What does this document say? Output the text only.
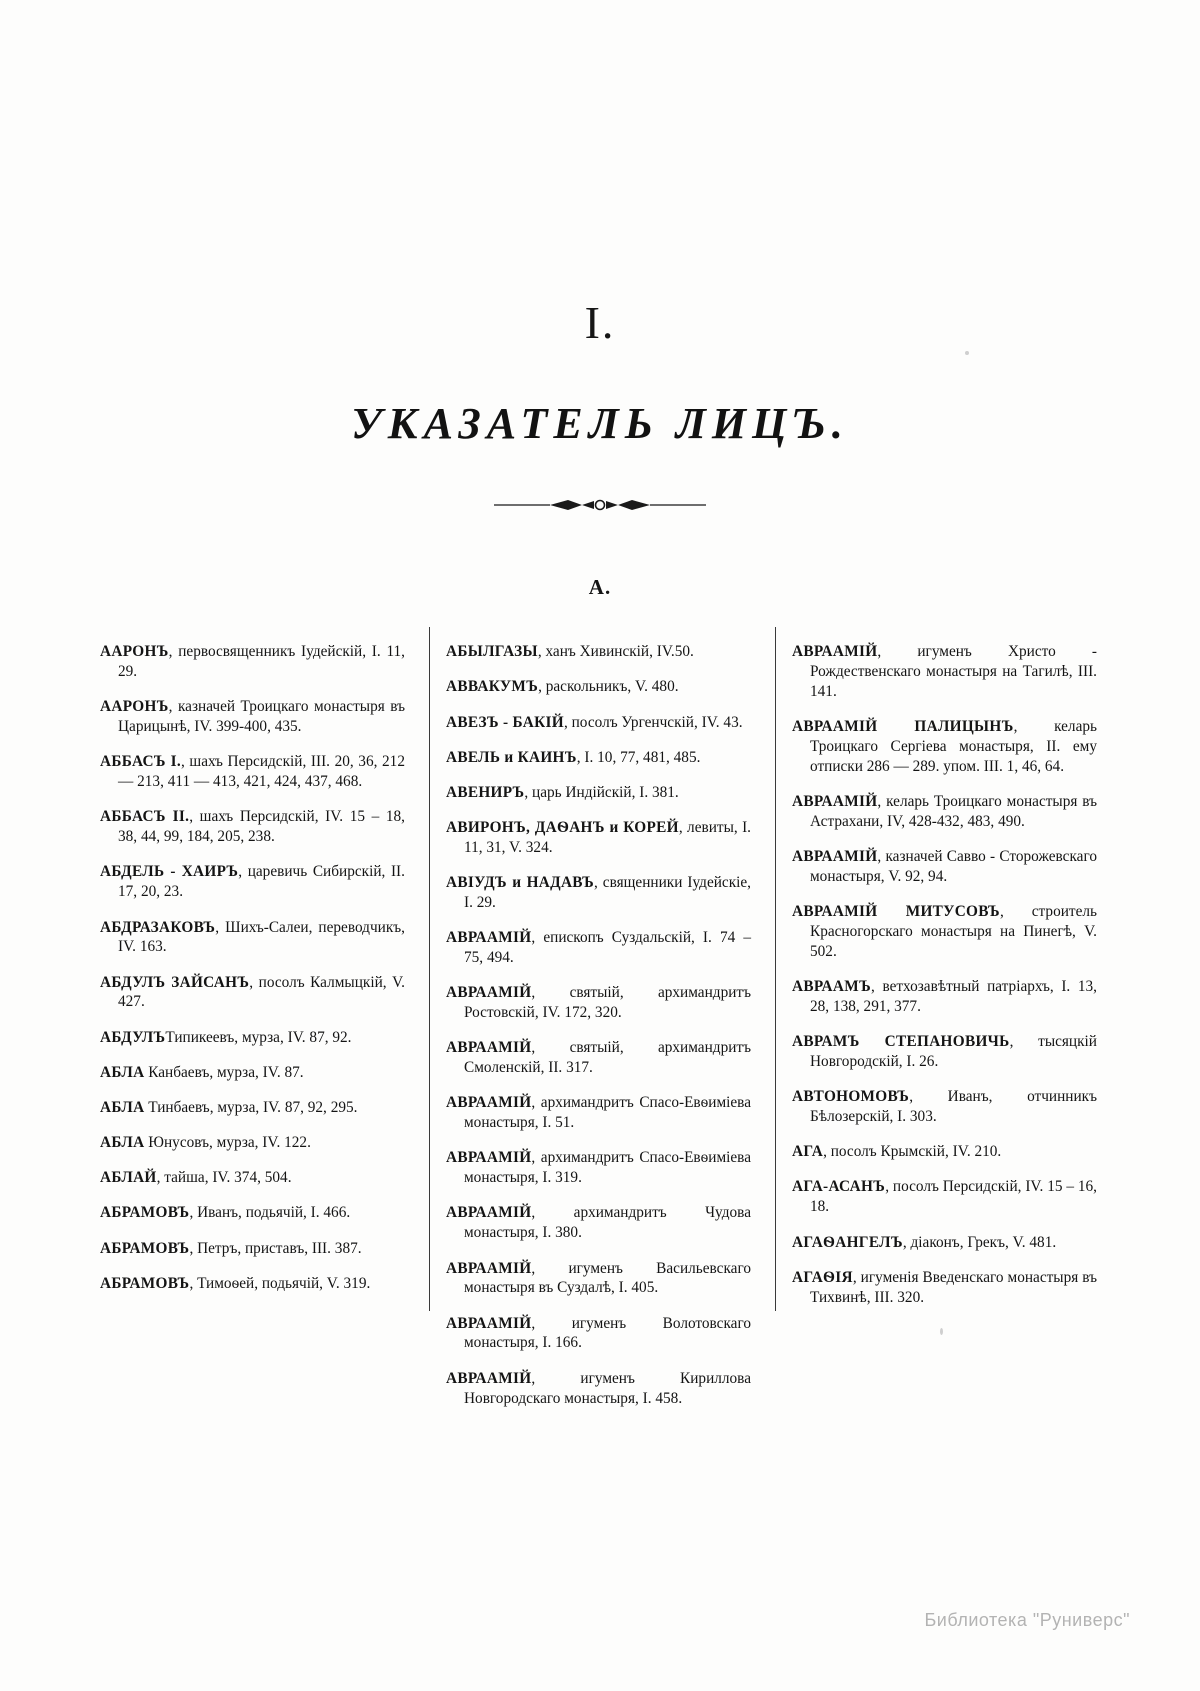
I.
УКАЗАТЕЛЬ ЛИЦЪ.
А.

ААРОНЪ, первосвященникъ Іудейскій, I. 11, 29.

ААРОНЪ, казначей Троицкаго монастыря въ Царицынѣ, IV. 399-400, 435.

АББАСЪ I., шахъ Персидскій, III. 20, 36, 212 — 213, 411 — 413, 421, 424, 437, 468.

АББАСЪ II., шахъ Персидскій, IV. 15 – 18, 38, 44, 99, 184, 205, 238.

АБДЕЛЬ - ХАИРЪ, царевичь Сибирскій, II. 17, 20, 23.

АБДРАЗАКОВЪ, Шихъ-Салеи, переводчикъ, IV. 163.

АБДУЛЪ ЗАЙСАНЪ, посолъ Калмыцкій, V. 427.

АБДУЛЪТипикеевъ, мурза, IV. 87, 92.

АБЛА Канбаевъ, мурза, IV. 87.

АБЛА Тинбаевъ, мурза, IV. 87, 92, 295.

АБЛА Юнусовъ, мурза, IV. 122.

АБЛАЙ, тайша, IV. 374, 504.

АБРАМОВЪ, Иванъ, подьячій, I. 466.

АБРАМОВЪ, Петръ, приставъ, III. 387.

АБРАМОВЪ, Тимоѳей, подьячій, V. 319.

АБЫЛГАЗЫ, ханъ Хивинскій, IV.50.

АВВАКУМЪ, раскольникъ, V. 480.

АВЕЗЪ - БАКІЙ, посолъ Ургенчскій, IV. 43.

АВЕЛЬ и КАИНЪ, I. 10, 77, 481, 485.

АВЕНИРЪ, царь Индійскій, I. 381.

АВИРОНЪ, ДАѲАНЪ и КОРЕЙ, левиты, I. 11, 31, V. 324.

АВІУДЪ и НАДАВЪ, священники Іудейскіе, I. 29.

АВРААМІЙ, епископъ Суздальскій, I. 74 – 75, 494.

АВРААМІЙ, святыій, архимандритъ Ростовскій, IV. 172, 320.

АВРААМІЙ, святыій, архимандритъ Смоленскій, II. 317.

АВРААМІЙ, архимандритъ Спасо-Евѳиміева монастыря, I. 51.

АВРААМІЙ, архимандритъ Спасо-Евѳиміева монастыря, I. 319.

АВРААМІЙ, архимандритъ Чудова монастыря, I. 380.

АВРААМІЙ, игуменъ Васильевскаго монастыря въ Суздалѣ, I. 405.

АВРААМІЙ, игуменъ Волотовскаго монастыря, I. 166.

АВРААМІЙ, игуменъ Кириллова Новгородскаго монастыря, I. 458.

АВРААМІЙ, игуменъ Христо - Рождественскаго монастыря на Тагилѣ, III. 141.

АВРААМІЙ ПАЛИЦЫНЪ, келарь Троицкаго Сергіева монастыря, II. ему отписки 286 — 289. упом. III. 1, 46, 64.

АВРААМІЙ, келарь Троицкаго монастыря въ Астрахани, IV, 428-432, 483, 490.

АВРААМІЙ, казначей Савво - Сторожевскаго монастыря, V. 92, 94.

АВРААМІЙ МИТУСОВЪ, строитель Красногорскаго монастыря на Пинегѣ, V. 502.

АВРААМЪ, ветхозавѣтный патріархъ, I. 13, 28, 138, 291, 377.

АВРАМЪ СТЕПАНОВИЧЬ, тысяцкій Новгородскій, I. 26.

АВТОНОМОВЪ, Иванъ, отчинникъ Бѣлозерскій, I. 303.

АГА, посолъ Крымскій, IV. 210.

АГА-АСАНЪ, посолъ Персидскій, IV. 15 – 16, 18.

АГАѲАНГЕЛЪ, діаконъ, Грекъ, V. 481.

АГАѲІЯ, игуменія Введенскаго монастыря въ Тихвинѣ, III. 320.

Библиотека "Руниверс"
